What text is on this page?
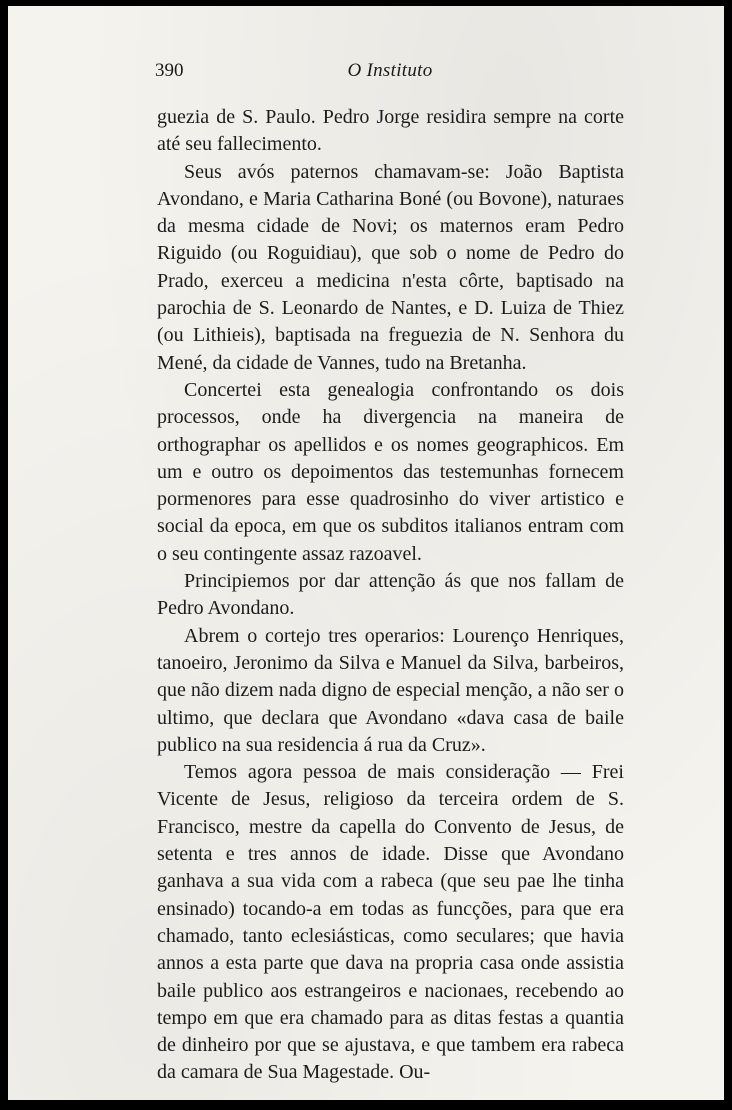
390	O Instituto

guezia de S. Paulo. Pedro Jorge residira sempre na corte até seu fallecimento.

Seus avós paternos chamavam-se: João Baptista Avondano, e Maria Catharina Boné (ou Bovone), naturaes da mesma cidade de Novi; os maternos eram Pedro Riguido (ou Roguidiau), que sob o nome de Pedro do Prado, exerceu a medicina n'esta côrte, baptisado na parochia de S. Leonardo de Nantes, e D. Luiza de Thiez (ou Lithieis), baptisada na freguezia de N. Senhora du Mené, da cidade de Vannes, tudo na Bretanha.

Concertei esta genealogia confrontando os dois processos, onde ha divergencia na maneira de orthographar os apellidos e os nomes geographicos. Em um e outro os depoimentos das testemunhas fornecem pormenores para esse quadrosinho do viver artistico e social da epoca, em que os subditos italianos entram com o seu contingente assaz razoavel.

Principiemos por dar attenção ás que nos fallam de Pedro Avondano.

Abrem o cortejo tres operarios: Lourenço Henriques, tanoeiro, Jeronimo da Silva e Manuel da Silva, barbeiros, que não dizem nada digno de especial menção, a não ser o ultimo, que declara que Avondano «dava casa de baile publico na sua residencia á rua da Cruz».

Temos agora pessoa de mais consideração — Frei Vicente de Jesus, religioso da terceira ordem de S. Francisco, mestre da capella do Convento de Jesus, de setenta e tres annos de idade. Disse que Avondano ganhava a sua vida com a rabeca (que seu pae lhe tinha ensinado) tocando-a em todas as funcções, para que era chamado, tanto eclesiásticas, como seculares; que havia annos a esta parte que dava na propria casa onde assistia baile publico aos estrangeiros e nacionaes, recebendo ao tempo em que era chamado para as ditas festas a quantia de dinheiro por que se ajustava, e que tambem era rabeca da camara de Sua Magestade. Ou-
